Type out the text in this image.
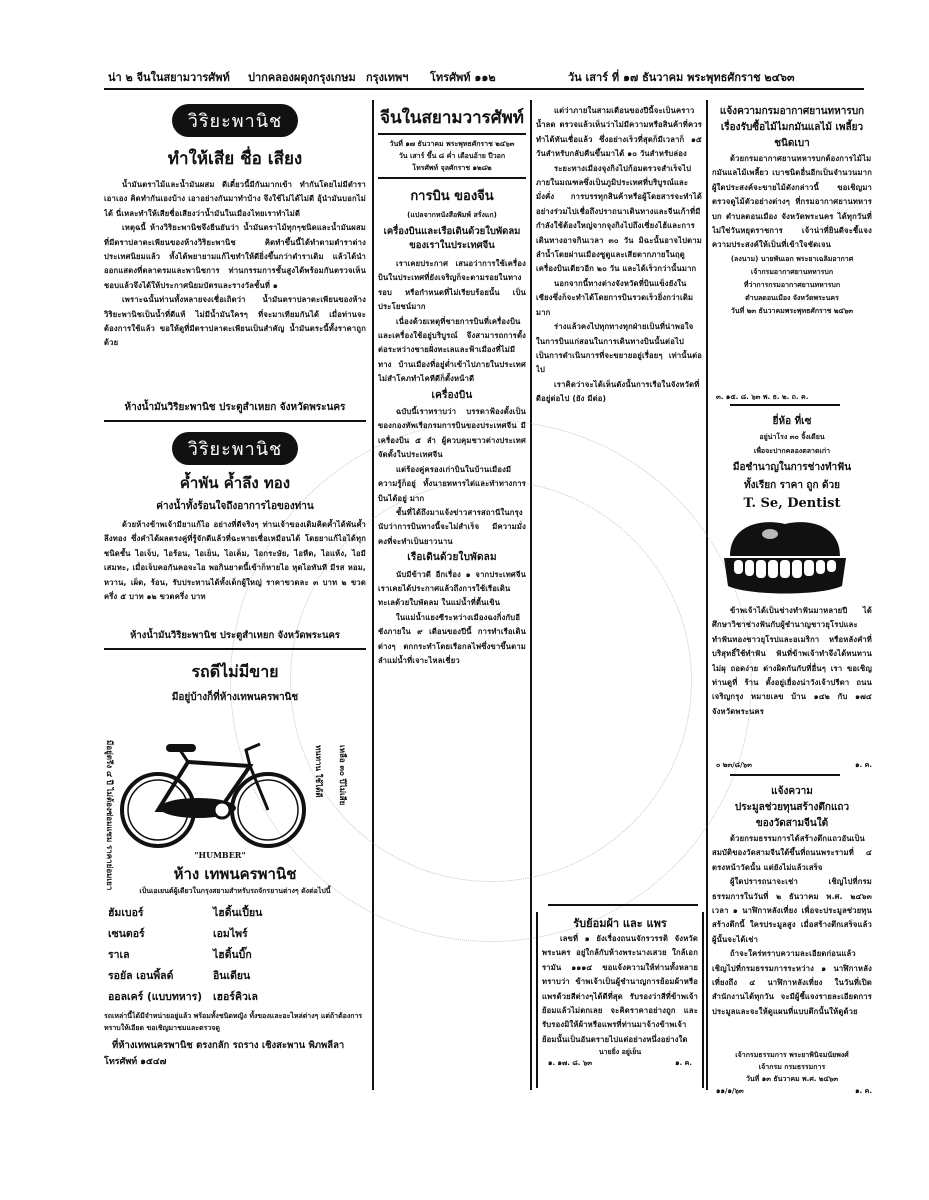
น่า ๒ จีนในสยามวารศัพท์ ปากคลองผดุงกรุงเกษม กรุงเทพฯ โทรศัพท์ ๑๑๒	วัน เสาร์ ที่ ๑๗ ธันวาคม พระพุทธศักราช ๒๔๖๓
วิริยะพานิช
ทำให้เสีย ชื่อ เสียง

น้ำมันตราไม้และน้ำมันผสม ดีเดี๋ยวนี้มีกันมากเข้า ทำกันโดยไม่มีตำราเอาเอง คิดทำกันเองบ้าง เอาอย่างกันมาทำบ้าง จึงใช้ไม่ได้ไม่ดี อุ้นำมันบอกไม่ได้ นี่เหละทำให้เสียชื่อเสียงว่าน้ำมันในเมืองไทยเราทำไม่ดี

เหตุฉนี้ ห้างวิริยะพานิชจึงยืนยันว่า น้ำมันตราไม้ทุกๆชนิดและน้ำมันผสมที่มีตราปลาตะเพียนของห้างวิริยะพานิช คิดทำขึ้นนี้ได้ทำตามตำราต่างประเทศนิยมแล้ว ทั้งได้พยายามแก้ไขทำให้ดียิ่งขึ้นกว่าตำราเดิม แล้วได้นำออกแสดงที่ตลาดรมและพานิชการ ท่านกรรมการชั้นสูงได้พร้อมกันตรวจเห็นชอบแล้วจึงได้ให้ประกาศนิยมบัตรและรางวัลชั้นที่ ๑

เพราะฉนั้นท่านทั้งหลายจงเชื่อเถิดว่า น้ำมันตราปลาตะเพียนของห้างวิริยะพานิชเป็นน้ำที่ดีแท้ ไม่มีน้ำมันใครๆ ที่จะมาเทียมกันได้ เมื่อท่านจะต้องการใช้แล้ว ขอให้ดูที่มีตราปลาตะเพียนเป็นสำคัญ น้ำมันตระนี้ทั้งราคาถูกด้วย

ห้างน้ำมันวิริยะพานิช ประตูสำเหยก จังหวัดพระนคร
วิริยะพานิช
ค้ำพัน ค้ำลึง ทอง
ค่างน้ำทั้งร้อนใจถึงอาการไอของท่าน

ด้วยห้างข้าพเจ้ามียาแก้ไอ อย่างที่ดีจริงๆ ท่านเจ้าของเดิมคิดค้ำได้พันค้ำลึงทอง ซึ่งคำได้ผลตรงคู่ที่รู้จักดีแล้วที่ฉะหายเชื่อเหมือนได้ โดยยาแก้ไอได้ทุกชนิดชั้น ไอเจ็บ, ไอร้อน, ไอเย็น, ไอเค็ม, ไอกระษัย, ไอหืด, ไอแห้ง, ไอมีเสมหะ, เมื่อเจ็บคอกันคอจะไอ พอกินยาตนี้เข้าก็หายไอ หุดไอทันที มีรส หอม, หวาน, เผ็ด, ร้อน, รับประทานได้ทั้งเด็กผู้ใหญ่ ราคาขวดละ ๓ บาท ๒ ขวดครึ่ง ๕ บาท ๑๒ ขวดครึ่ง บาท

ห้างน้ำมันวิริยะพานิช ประตูสำเหยก จังหวัดพระนคร
รถดีไม่มีขาย
มีอยู่บ้างก็ที่ห้างเทพนครพานิช
มีอยู่ตรึง ๔ ปี ไม่ต้องซ่อมแซม ราคาย่อมเยา	ทนทาน ใช้ได้ดี เหลือ ๓๐ ปีไม่เสีย
"HUMBER"
ห้าง เทพนครพานิช
เป็นเอเยนต์ผู้เดียวในกรุงสยามสำหรับรถจักรยานต่างๆ ดังต่อไปนี้
ฮัมเบอร์	ไฮดิ้นเปี้ยน
เซนตอร์	เอมไพร์
ราเล	ไฮดิ้นบิ๊ก
รอยัล เอนพิ้ลด์	อินเดียน
ออลเคร์ (แบบทหาร)	เฮอร์คิวเล
รถเหล่านี้ได้มีจำหน่ายอยู่แล้ว พร้อมทั้งชนิดหญิง ทั้งของและอะไหล่ต่างๆ แต่ถ้าต้องการทราบให้เอียด ขอเชิญมาชมและตรวจดู
ที่ห้างเทพนครพานิช ตรงกลัก รถราง เชิงสะพาน พิภพลีลา
โทรศัพท์ ๑๕๔๗
จีนในสยามวารศัพท์
วันที่ ๑๗ ธันวาคม พระพุทธศักราช ๒๔๖๓
วัน เสาร์ ขึ้น ๘ ค่ำ เดือนอ้าย ปีวอก
โทรศัพท์ จุลศักราช ๑๒๘๒
การบิน ของจีน
(แปลจากหนังสือพิมพ์ สรั่งแก)
เครื่องบินและเรือเดินด้วยใบพัดลม ของเราในประเทศจีน

เราเคยประกาศ เสนอว่าการใช้เครื่องบินในประเทศที่ยังเจริญก็จะตามรอยในทาง รอบ หรือกำหนดที่ไม่เรียบร้อยนั้น เป็นประโยชน์มาก

เนื่องด้วยเหตุที่ชายการบินที่เครื่องบินและเครื่องใช้อยู่บริบูรณ์ จึงสามารถการตั้งต่อระหว่างชายฝั่งทะเลและฟ้าเมืองที่ไม่มีทาง บ้านเมืองที่อยู่ต่ำเข้าไปภายในประเทศไม่สำโคภทำไคทีดีก็ตั้งหน้าดี

เครื่องบิน

ฉบับนี้เราทราบว่า บรรดาฟ้องตั้งเป็นของกองทัพเรือกรมการบินของประเทศจีน มีเครื่องบิน ๕ ลำ ผู้ควบคุมชาวต่างประเทศจัดตั้งในประเทศจีน

แต่ร้องคู่ครองเก่าบินในบ้านเมืองมีความรู้ก็อยู่ ทั้งนายทหารไต่และทำทางการบินได้อยู่ มาก

ชั้นที่ได้ถึงมาแจ้งข่าวสารสถานีในกรุง นับว่าการบินทางนี้จะไม่สำเร็จ มีความมั่งคงที่จะทำเป็นยาวนาน

เรือเดินด้วยใบพัดลม

นับมีข้าวดี อีกเรื่อง ๑ จากประเทศจีนเราเคยได้ประกาศแล้วถึงการใช้เรือเดินทะเลด้วยใบพัดลม ในแม่น้ำที่ตื้นเขิน

ในแม่น้ำแยงซีระหว่างเมืองฉงกิ่งกับอีชังภายใน ๙ เดือนของปีนี้ การทำเรือเดินต่างๆ ตกกระทำโดยเรือกลไฟซึ่งขาขึ้นตามลำแม่น้ำที่เจาะไหลเชี่ยว

แต่ว่าภายในสามเดือนของปีนี้จะเป็นคราวน้ำลด ตรวจแล้วเห็นว่าไม่มีความหรือสินค้าที่ควรทำได้ทันเชื่อแล้ว ซึ่งอย่างเร็วที่สุดก็มีเวลาก็ ๑๕ วันสำหรับกลับคืนขึ้นมาได้ ๑๐ วันสำหรับล่อง

ระยะทางเมืองจุงกิงไปก้อมตรวจสำเร็จไปภายในมณฑลซึ่งเป็นภูมิประเทศที่บริบูรณ์และมั่งคั่ง การบรรทุกสินค้าหรือผู้โดยสารจะทำได้อย่างร่วมไปเชื่อถึงปราถนาเดินทางและจีนเก้าที่มีกำลังใช้ต้องใหญ่จากจุงกิงไปถึงเซี่ยงไฮ้และการเดินทางอาจกินเวลา ๓๐ วัน มิฉะนั้นอาจไปตามลำน้ำโดยผ่านเมืองซูตูและเสียตากภายในฤดูเครื่องบินเดียวอีก ๒๐ วัน และได้เร็วกว่านั้นมาก

นอกจากนี้ทางต่างจังหวัดที่บินแข็งยังในเชียงซึ่งก็จะทำได้โดยการบินรวดเร็วยิ่งกว่าเดิมมาก

ร่างแล้วคงไปทุกทางทุกฝ่ายเป็นที่น่าพอใจในการบินแก่สอนในการเดินทางบินนั้นต่อไปเป็นการดำเนินการที่จะขยายอยู่เรื่อยๆ เท่านั้นต่อไป

เราคิดว่าจะได้เห็นดังนั้นการเรือในจังหวัดที่ดีอยู่ต่อไป (ยัง มีต่อ)

รับย้อมผ้า และ แพร

เลขที่ ๑ ยังเรื่องถนนจักรวรรดิ จังหวัดพระนคร อยู่ใกล้กับห้างพระนางเสวย ใกล้เอกรามัน ๑๑๑๔ ขอแจ้งความให้ท่านทั้งหลายทราบว่า ข้าพเจ้าเป็นผู้ชำนาญการย้อมผ้าหรือแพรด้วยสีต่างๆได้ดีที่สุด รับรองว่าสีที่ข้าพเจ้าย้อมแล้วไม่ตกเลย จะคิดราคาอย่างถูก และรับรองมิให้ผ้าหรือแพรที่ท่านมาจ้างข้าพเจ้าย้อมนั้นเป็นอันตรายไปแต่อย่างหนึ่งอย่างใด

นายยิ่ง อยู่เย็น
๑. ๑๗. ๘. ๖๓	๑. ค.
แจ้งความกรมอากาศยานทหารบก
เรื่องรับซื้อไม้ไมกมันแลไม้ เพลี้ยวชนิดเบา

ด้วยกรมอากาศยานทหารบกต้องการไม้ไมกมันแลไม้เพลี้ยว เบาชนิดอื่นอีกเป็นจำนวนมาก ผู้ใดประสงค์จะขายไม้ดังกล่าวนี้ ขอเชิญมาตรวจดูไม้ตัวอย่างต่างๆ ที่กรมอากาศยานทหารบก ตำบลดอนเมือง จังหวัดพระนคร ได้ทุกวันที่ไม่ใช่วันหยุดราชการ เจ้าน่าที่ยินดีจะชี้แจงความประสงค์ให้เป็นที่เข้าใจชัดเจน

(ลงนาม) นายพันเอก พระยาเฉลิมอากาศ
เจ้ากรมอากาศยานทหารบก
ที่ว่าการกรมอากาศยานทหารบก
ตำบลดอนเมือง จังหวัดพระนคร
วันที่ ๒๓ ธันวาคมพระพุทธศักราช ๒๔๖๓
๓. ๑๕. ๘. ๖๓ พ. ธ. ๒. ถ. ค.
ยี่ห้อ ที่เซ
อยู่น่าโรง ๓๐ จิ้งเดียน
เพื่อจะปากคลองตลาดเก่า
มือชำนาญในการช่างทำฟัน
ทั้งเรียก ราคา ถูก ด้วย
T. Se, Dentist

ข้าพเจ้าได้เป็นช่างทำฟันมาหลายปี ได้ศึกษาวิชาช่างฟันกับผู้ชำนาญชาวยุโรปและทำฟันทองชาวยุโรปและอเมริกา หรือหลังคำที่บริสุทธิ์ใช้ทำฟัน ฟันที่ข้าพเจ้าทำจึงได้ทนทานไม่ผุ ถอดง่าย ต่างผิดกันกับที่อื่นๆ เรา ขอเชิญท่านดูที่ ร้าน ตั้งอยู่เยื่องน่าวังเจ้าปรีดา ถนนเจริญกรุง หมายเลข บ้าน ๑๔๒ กับ ๑๗๔ จังหวัดพระนคร

๐ ๒๓/๘/๖๓	๑. ค.
แจ้งความ
ประมูลช่วยทุนสร้างตึกแถว
ของวัดสามจีนใต้

ด้วยกรมธรรมการได้สร้างตึกแถวอันเป็นสมบัติของวัดสามจีนใต้ขึ้นที่ถนนพระรามที่ ๔ ตรงหน้าวัดนั้น แต่ยังไม่แล้วเสร็จ

ผู้ใดปรารถนาจะเช่า เชิญไปที่กรมธรรมการในวันที่ ๒ ธันวาคม พ.ศ. ๒๔๖๓ เวลา ๑ นาฬิกาหลังเที่ยง เพื่อจะประมูลช่วยทุนสร้างตึกนี้ ใครประมูลสูง เมื่อสร้างตึกเสร็จแล้วผู้นั้นจะได้เช่า

ถ้าจะใคร่ทราบความละเอียดก่อนแล้ว เชิญไปที่กรมธรรมการระหว่าง ๑ นาฬิกาหลังเที่ยงถึง ๔ นาฬิกาหลังเที่ยง ในวันที่เปิดสำนักงานได้ทุกวัน จะมีผู้ชี้แจงรายละเอียดการประมูลและจะให้ดูแผนที่แบบตึกนั้นให้ดูด้วย

เจ้ากรมธรรมการ พระยาพินิจมนัยพงศ์
เจ้ากรม กรมธรรมการ
วันที่ ๑๓ ธันวาคม พ.ศ. ๒๔๖๓
๑๑/๑/๖๓	๑. ค.
